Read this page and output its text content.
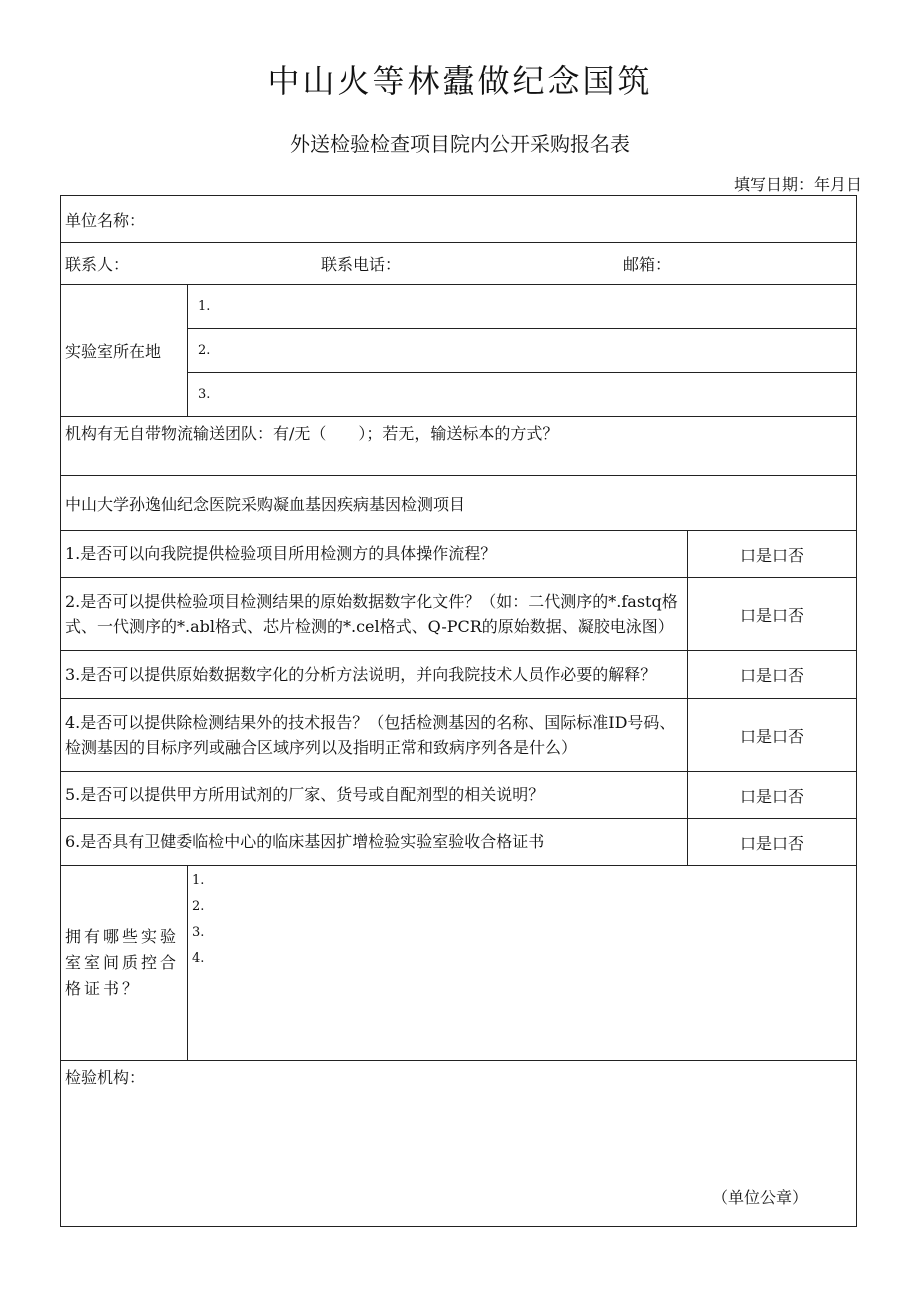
中山火等林蠹做纪念国筑
外送检验检查项目院内公开采购报名表
填写日期：年月日
单位名称：		

联系人： 联系电话： 邮箱：		

实验室所在地	1.	
	2.	
	3.	
机构有无自带物流输送团队：有/无（　　）；若无，输送标本的方式？		
中山大学孙逸仙纪念医院采购凝血基因疾病基因检测项目		
1.是否可以向我院提供检验项目所用检测方的具体操作流程？		口是口否
2.是否可以提供检验项目检测结果的原始数据数字化文件？（如：二代测序的*.fastq格式、一代测序的*.abl格式、芯片检测的*.cel格式、Q-PCR的原始数据、凝胶电泳图）		口是口否
3.是否可以提供原始数据数字化的分析方法说明，并向我院技术人员作必要的解释？		口是口否
4.是否可以提供除检测结果外的技术报告？（包括检测基因的名称、国际标准ID号码、检测基因的目标序列或融合区域序列以及指明正常和致病序列各是什么）		口是口否
5.是否可以提供甲方所用试剂的厂家、货号或自配剂型的相关说明？		口是口否
6.是否具有卫健委临检中心的临床基因扩增检验实验室验收合格证书		口是口否
拥有哪些实验室室间质控合格证书？	1.
2.
3.
4.	

检验机构：
（单位公章）		
